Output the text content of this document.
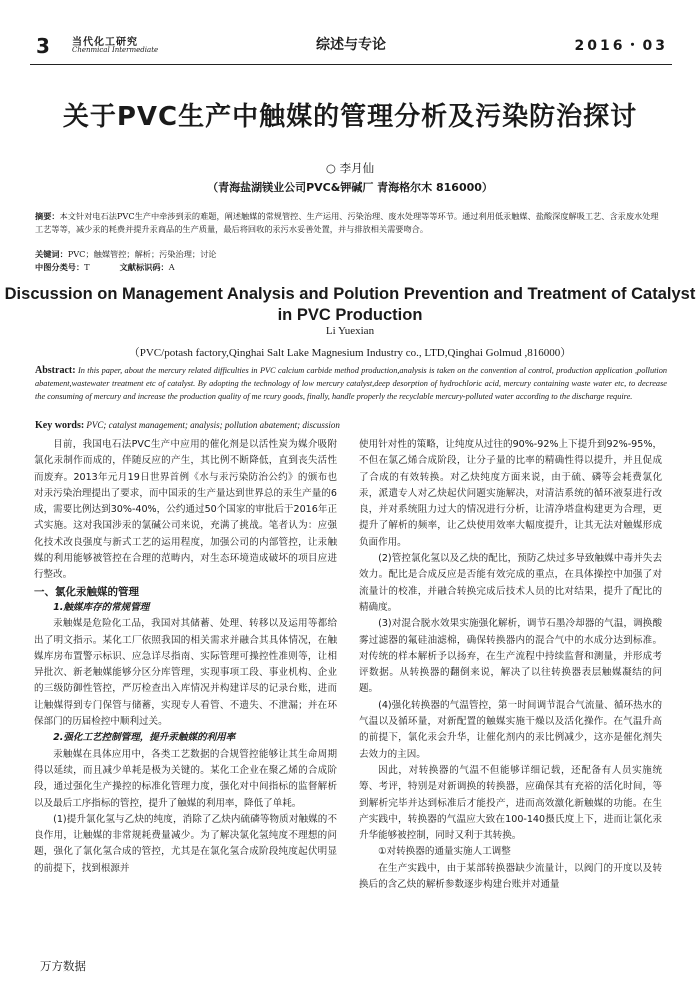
3 当代化工研究
Chenmical Intermediate	综述与专论	2016・03
关于PVC生产中触媒的管理分析及污染防治探讨
○ 李月仙
（青海盐湖镁业公司PVC&钾碱厂 青海格尔木 816000）
摘要：本文针对电石法PVC生产中牵涉到汞的难题，阐述触媒的常规管控、生产运用、污染治理、废水处理等等环节。通过利用低汞触媒、盐酸深度解吸工艺、含汞废水处理工艺等等，减少汞的耗费并提升汞商品的生产质量，最后将回收的汞污水妥善处置，并与排放相关需要吻合。
关键词：PVC；触媒管控；解析；污染治理；讨论
中图分类号：T	文献标识码：A
Discussion on Management Analysis and Polution Prevention and Treatment of Catalyst in PVC Production
Li Yuexian
（PVC/potash factory,Qinghai Salt Lake Magnesium Industry co., LTD,Qinghai Golmud ,816000）
Abstract: In this paper, about the mercury related difficulties in PVC calcium carbide method production,analysis is taken on the convention al control, production application ,pollution abatement,wastewater treatment etc of catalyst. By adopting the technology of low mercury catalyst,deep desorption of hydrochloric acid, mercury containing waste water etc, to decrease the consuming of mercury and increase the production quality of me rcury goods, finally, handle properly the recyclable mercury-polluted water according to the discharge require.
Key words: PVC; catalyst management; analysis; pollution abatement; discussion

目前，我国电石法PVC生产中应用的催化剂是以活性炭为媒介吸附氯化汞制作而成的，伴随反应的产生，其比例不断降低，直到丧失活性而废弃。2013年元月19日世界首例《水与汞污染防治公约》的颁布也对汞污染治理提出了要求，而中国汞的生产量达到世界总的汞生产量的6成，需要比例达到30%-40%，公约通过50个国家的审批后于2016年正式实施。这对我国涉汞的氯碱公司来说，充满了挑战。笔者认为：应强化技术改良强度与新式工艺的运用程度，加强公司的内部管控，让汞触媒的利用能够被管控在合理的范畴内，对生态环境造成破坏的项目应进行整改。

一、氯化汞触媒的管理
1.触媒库存的常规管理

汞触媒是危险化工品，我国对其储蓄、处理、转移以及运用等都给出了明文指示。某化工厂依照我国的相关需求并融合其具体情况，在触媒库房布置警示标识、应急详尽指南、实际管理可操控性准则等，让相异批次、新老触媒能够分区分库管理，实现事项工段、事业机构、企业的三级防御性管控，严厉检查出入库情况并构建详尽的记录台账，进而让触媒得到专门保管与储蓄，实现专人看管、不遗失、不泄漏；并在环保部门的历届检控中顺利过关。

2.强化工艺控制管理，提升汞触媒的利用率

汞触媒在具体应用中，各类工艺数据的合规管控能够让其生命周期得以延续，而且减少单耗是极为关键的。某化工企业在聚乙烯的合成阶段，通过强化生产操控的标准化管理力度，强化对中间指标的监督解析以及最后工序指标的管控，提升了触媒的利用率，降低了单耗。

(1)提升氯化氢与乙炔的纯度，消除了乙炔内硫磷等物质对触媒的不良作用，让触媒的非常规耗费量减少。为了解决氯化氢纯度不理想的问题，强化了氯化氢合成的管控，尤其是在氯化氢合成阶段纯度起伏明显的前提下，找到根源并

使用针对性的策略，让纯度从过往的90%-92%上下提升到92%-95%，不但在氯乙烯合成阶段，让分子量的比率的精确性得以提升，并且促成了合成的有效转换。对乙炔纯度方面来说，由于硫、磷等会耗费氯化汞，派遣专人对乙炔起伏问题实施解决，对清洁系统的循环液泵进行改良，并对系统阻力过大的情况进行分析，让清净塔盘构建更为合理，更提升了解析的频率，让乙炔使用效率大幅度提升，让其无法对触媒形成负面作用。

(2)管控氯化氢以及乙炔的配比，预防乙炔过多导致触媒中毒并失去效力。配比是合成反应是否能有效完成的重点，在具体操控中加强了对流量计的校准，并融合转换完成后技术人员的比对结果，提升了配比的精确度。

(3)对混合脱水效果实施强化解析，调节石墨冷却器的气温，调换酸雾过滤器的氟硅油滤棉，确保转换器内的混合气中的水成分达到标准。对传统的样本解析予以扬弃，在生产流程中持续监督和测量，并形成考评数据。从转换器的翻倒来说，解决了以往转换器表层触媒凝结的问题。

(4)强化转换器的气温管控，第一时间调节混合气流量、循环热水的气温以及循环量，对新配置的触媒实施干燥以及活化操作。在气温升高的前提下，氯化汞会升华，让催化剂内的汞比例减少，这亦是催化剂失去效力的主因。

因此，对转换器的气温不但能够详细记载，还配备有人员实施统筹、考评，特别是对新调换的转换器，应确保其有充裕的活化时间，等到解析完毕并达到标准后才能投产，进而高效激化新触媒的功能。在生产实践中，转换器的气温应大致在100-140摄氏度上下，进而让氯化汞升华能够被控制，同时又利于其转换。

①对转换器的通量实施人工调整

在生产实践中，由于某部转换器缺少流量计，以阀门的开度以及转换后的含乙炔的解析参数逐步构建台账并对通量

万方数据
